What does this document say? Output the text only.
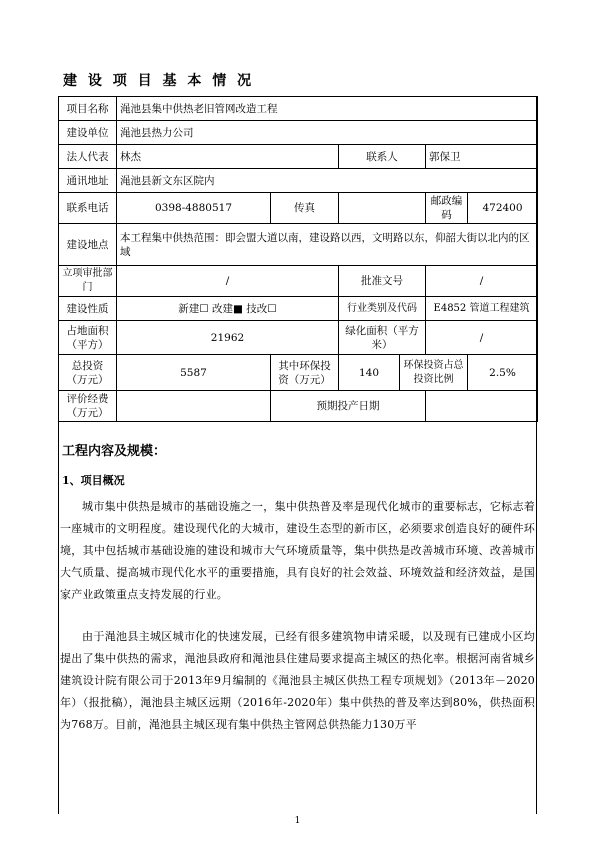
建 设 项 目 基 本 情 况
项目名称	渑池县集中供热老旧管网改造工程					
建设单位	渑池县热力公司					
法人代表	林杰		联系人		郭保卫	
通讯地址	渑池县新文东区院内					
联系电话	0398-4880517	传真			邮政编码	472400
建设地点	本工程集中供热范围：即会盟大道以南，建设路以西，文明路以东，仰韶大街以北内的区域					
立项审批部门	/		批准文号		/	
建设性质	新建☐ 改建■ 技改☐		行业类别及代码		E4852 管道工程建筑	
占地面积（平方）	21962		绿化面积（平方米）		/	
总投资（万元）	5587	其中环保投资（万元）	140	环保投资占总投资比例		2.5%
评价经费（万元）		预期投产日期				
工程内容及规模：
1、项目概况
城市集中供热是城市的基础设施之一，集中供热普及率是现代化城市的重要标志，它标志着一座城市的文明程度。建设现代化的大城市，建设生态型的新市区，必须要求创造良好的硬件环境，其中包括城市基础设施的建设和城市大气环境质量等，集中供热是改善城市环境、改善城市大气质量、提高城市现代化水平的重要措施，具有良好的社会效益、环境效益和经济效益，是国家产业政策重点支持发展的行业。
由于渑池县主城区城市化的快速发展，已经有很多建筑物申请采暖，以及现有已建成小区均提出了集中供热的需求，渑池县政府和渑池县住建局要求提高主城区的热化率。根据河南省城乡建筑设计院有限公司于2013年9月编制的《渑池县主城区供热工程专项规划》（2013年－2020年）（报批稿），渑池县主城区远期（2016年-2020年）集中供热的普及率达到80%，供热面积为768万。目前，渑池县主城区现有集中供热主管网总供热能力130万平
1
